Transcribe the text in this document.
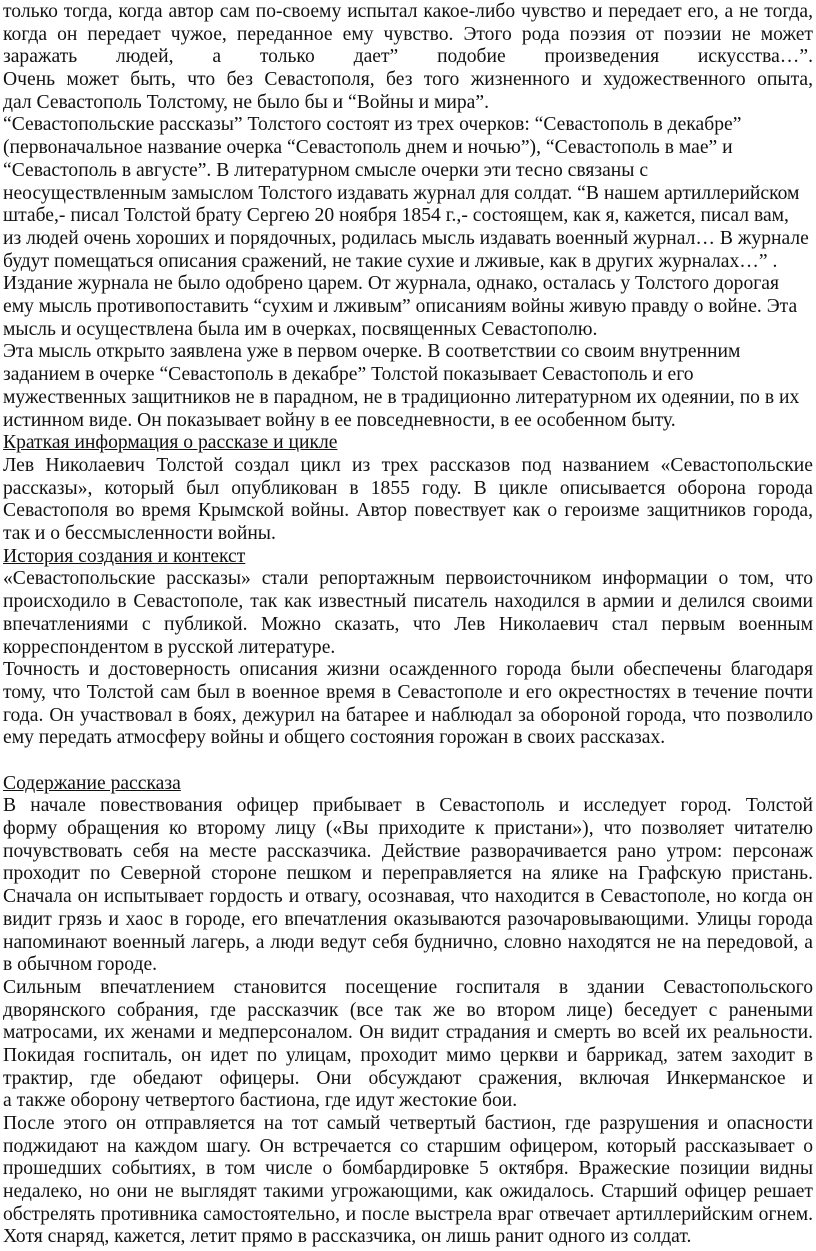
только тогда, когда автор сам по-своему испытал какое-либо чувство и передает его, а не тогда,
когда он передает чужое, переданное ему чувство. Этого рода поэзия от поэзии не может
заражать людей, а только дает” подобие произведения искусства…”.
Очень может быть, что без Севастополя, без того жизненного и художественного опыта,
дал Севастополь Толстому, не было бы и “Войны и мира”.
“Севастопольские рассказы” Толстого состоят из трех очерков: “Севастополь в декабре”
(первоначальное название очерка “Севастополь днем и ночью”), “Севастополь в мае” и
“Севастополь в августе”. В литературном смысле очерки эти тесно связаны с
неосуществленным замыслом Толстого издавать журнал для солдат. “В нашем артиллерийском
штабе,- писал Толстой брату Сергею 20 ноября 1854 г.,- состоящем, как я, кажется, писал вам,
из людей очень хороших и порядочных, родилась мысль издавать военный журнал… В журнале
будут помещаться описания сражений, не такие сухие и лживые, как в других журналах…” .
Издание журнала не было одобрено царем. От журнала, однако, осталась у Толстого дорогая
ему мысль противопоставить “сухим и лживым” описаниям войны живую правду о войне. Эта
мысль и осуществлена была им в очерках, посвященных Севастополю.
Эта мысль открыто заявлена уже в первом очерке. В соответствии со своим внутренним
заданием в очерке “Севастополь в декабре” Толстой показывает Севастополь и его
мужественных защитников не в парадном, не в традиционно литературном их одеянии, по в их
истинном виде. Он показывает войну в ее повседневности, в ее особенном быту.
Краткая информация о рассказе и цикле
Лев Николаевич Толстой создал цикл из трех рассказов под названием «Севастопольские
рассказы», который был опубликован в 1855 году. В цикле описывается оборона города
Севастополя во время Крымской войны. Автор повествует как о героизме защитников города,
так и о бессмысленности войны.
История создания и контекст
«Севастопольские рассказы» стали репортажным первоисточником информации о том, что
происходило в Севастополе, так как известный писатель находился в армии и делился своими
впечатлениями с публикой. Можно сказать, что Лев Николаевич стал первым военным
корреспондентом в русской литературе.
Точность и достоверность описания жизни осажденного города были обеспечены благодаря
тому, что Толстой сам был в военное время в Севастополе и его окрестностях в течение почти
года. Он участвовал в боях, дежурил на батарее и наблюдал за обороной города, что позволило
ему передать атмосферу войны и общего состояния горожан в своих рассказах.
Содержание рассказа
В начале повествования офицер прибывает в Севастополь и исследует город. Толстой
форму обращения ко второму лицу («Вы приходите к пристани»), что позволяет читателю
почувствовать себя на месте рассказчика. Действие разворачивается рано утром: персонаж
проходит по Северной стороне пешком и переправляется на ялике на Графскую пристань.
Сначала он испытывает гордость и отвагу, осознавая, что находится в Севастополе, но когда он
видит грязь и хаос в городе, его впечатления оказываются разочаровывающими. Улицы города
напоминают военный лагерь, а люди ведут себя буднично, словно находятся не на передовой, а
в обычном городе.
Сильным впечатлением становится посещение госпиталя в здании Севастопольского
дворянского собрания, где рассказчик (все так же во втором лице) беседует с ранеными
матросами, их женами и медперсоналом. Он видит страдания и смерть во всей их реальности.
Покидая госпиталь, он идет по улицам, проходит мимо церкви и баррикад, затем заходит в
трактир, где обедают офицеры. Они обсуждают сражения, включая Инкерманское и
а также оборону четвертого бастиона, где идут жестокие бои.
После этого он отправляется на тот самый четвертый бастион, где разрушения и опасности
поджидают на каждом шагу. Он встречается со старшим офицером, который рассказывает о
прошедших событиях, в том числе о бомбардировке 5 октября. Вражеские позиции видны
недалеко, но они не выглядят такими угрожающими, как ожидалось. Старший офицер решает
обстрелять противника самостоятельно, и после выстрела враг отвечает артиллерийским огнем.
Хотя снаряд, кажется, летит прямо в рассказчика, он лишь ранит одного из солдат.
